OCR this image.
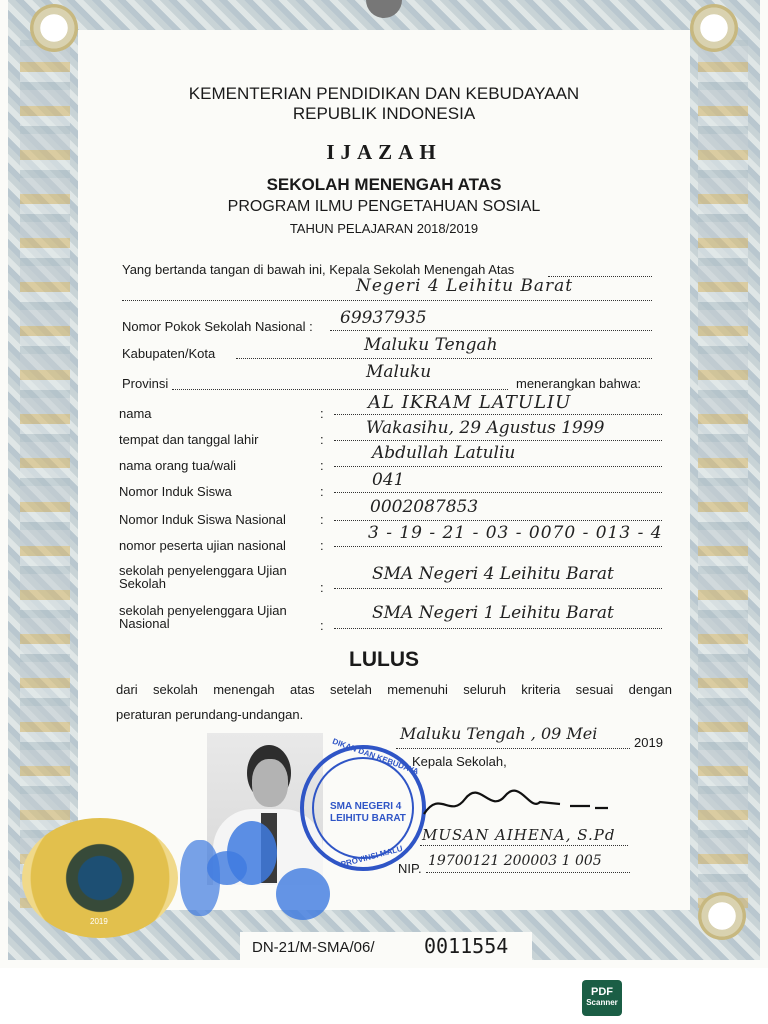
KEMENTERIAN PENDIDIKAN DAN KEBUDAYAAN
REPUBLIK INDONESIA
IJAZAH
SEKOLAH MENENGAH ATAS
PROGRAM ILMU PENGETAHUAN SOSIAL
TAHUN PELAJARAN 2018/2019
Yang bertanda tangan di bawah ini, Kepala Sekolah Menengah Atas
Negeri 4 Leihitu Barat
Nomor Pokok Sekolah Nasional : 69937935
Kabupaten/Kota	Maluku Tengah
Provinsi
Maluku
menerangkan bahwa:
nama	:
AL IKRAM LATULIU
tempat dan tanggal lahir	:
Wakasihu, 29 Agustus 1999
nama orang tua/wali	:
Abdullah Latuliu
Nomor Induk Siswa	:
041
Nomor Induk Siswa Nasional	:
0002087853
nomor peserta ujian nasional	:
3 - 19 - 21 - 03 - 0070 - 013 - 4
sekolah penyelenggara Ujian Sekolah	:
SMA Negeri 4 Leihitu Barat
sekolah penyelenggara Ujian Nasional	:
SMA Negeri 1 Leihitu Barat
LULUS
dari sekolah menengah atas setelah memenuhi seluruh kriteria sesuai dengan
peraturan perundang-undangan.
DIKAN DAN KEBUDAYA
SMA NEGERI 4
LEIHITU BARAT
PROVINSI MALU
Maluku Tengah , 09 Mei	2019
Kepala Sekolah,
MUSAN AIHENA, S.Pd
NIP. 19700121 200003 1 005
2019
DN-21/M-SMA/06/ 0011554
PDF
Scanner
